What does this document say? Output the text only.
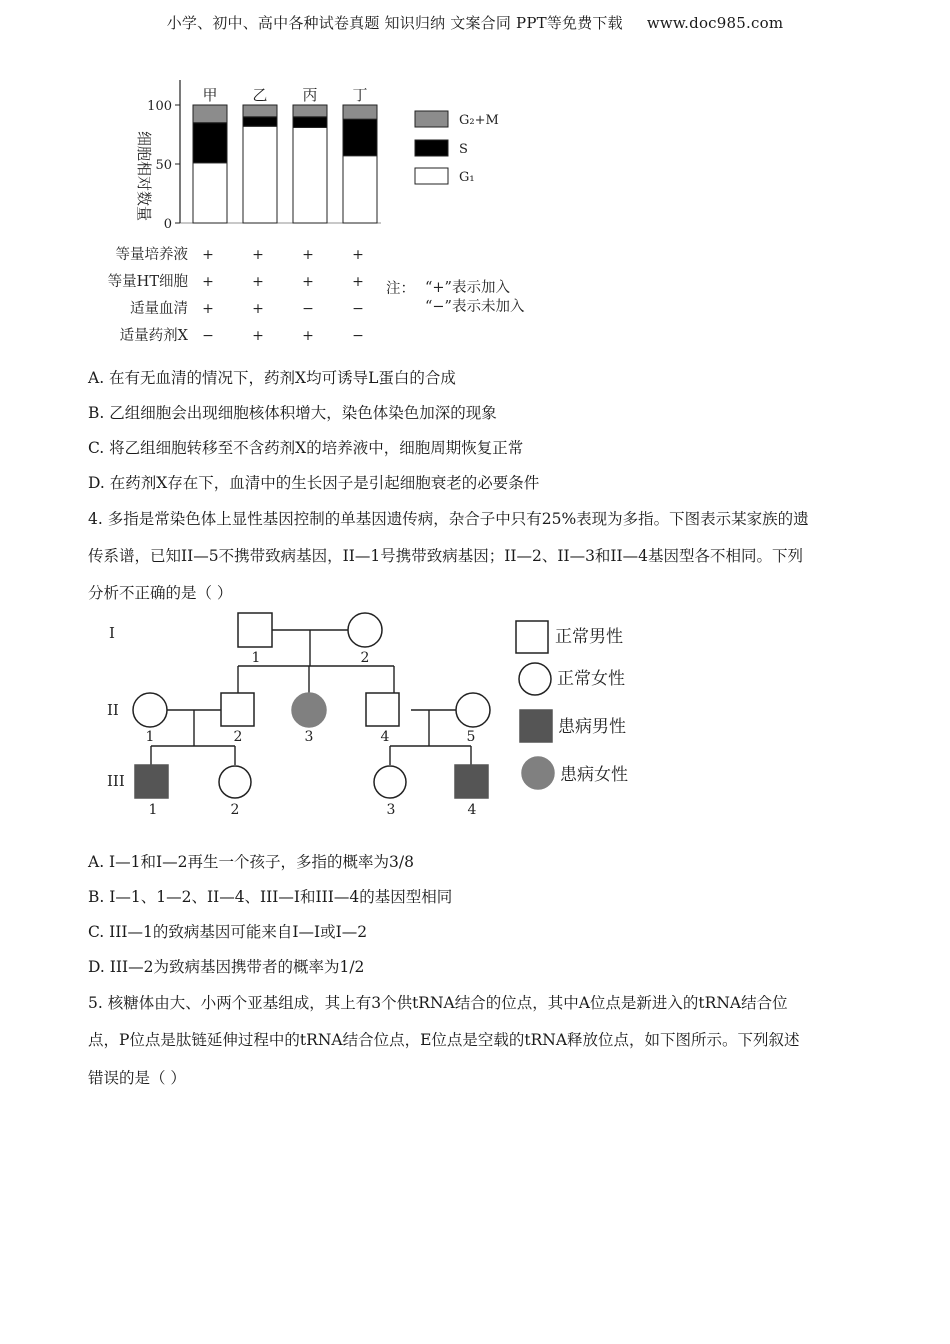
小学、初中、高中各种试卷真题 知识归纳 文案合同 PPT等免费下载 www.doc985.com
0
50
100
细胞相对数量
甲 乙 丙 丁
G₂+M
S
G₁
等量培养液 +	+	+	+
等量HT细胞 +	+	+	+
适量血清 +	+	−	−
适量药剂X −	+	+	−
注： “+”表示加入
“−”表示未加入
A. 在有无血清的情况下，药剂X均可诱导L蛋白的合成
B. 乙组细胞会出现细胞核体积增大，染色体染色加深的现象
C. 将乙组细胞转移至不含药剂X的培养液中，细胞周期恢复正常
D. 在药剂X存在下，血清中的生长因子是引起细胞衰老的必要条件
4. 多指是常染色体上显性基因控制的单基因遗传病，杂合子中只有25%表现为多指。下图表示某家族的遗
传系谱，已知II—5不携带致病基因，II—1号携带致病基因；II—2、II—3和II—4基因型各不相同。下列
分析不正确的是（ ）
I
II
III
1	2
1	2	3	4	5
1	2	3	4
正常男性
正常女性
患病男性
患病女性
A. I—1和I—2再生一个孩子，多指的概率为3/8
B. I—1、1—2、II—4、III—I和III—4的基因型相同
C. III—1的致病基因可能来自I—I或I—2
D. III—2为致病基因携带者的概率为1/2
5. 核糖体由大、小两个亚基组成，其上有3个供tRNA结合的位点，其中A位点是新进入的tRNA结合位
点，P位点是肽链延伸过程中的tRNA结合位点，E位点是空载的tRNA释放位点，如下图所示。下列叙述
错误的是（ ）
